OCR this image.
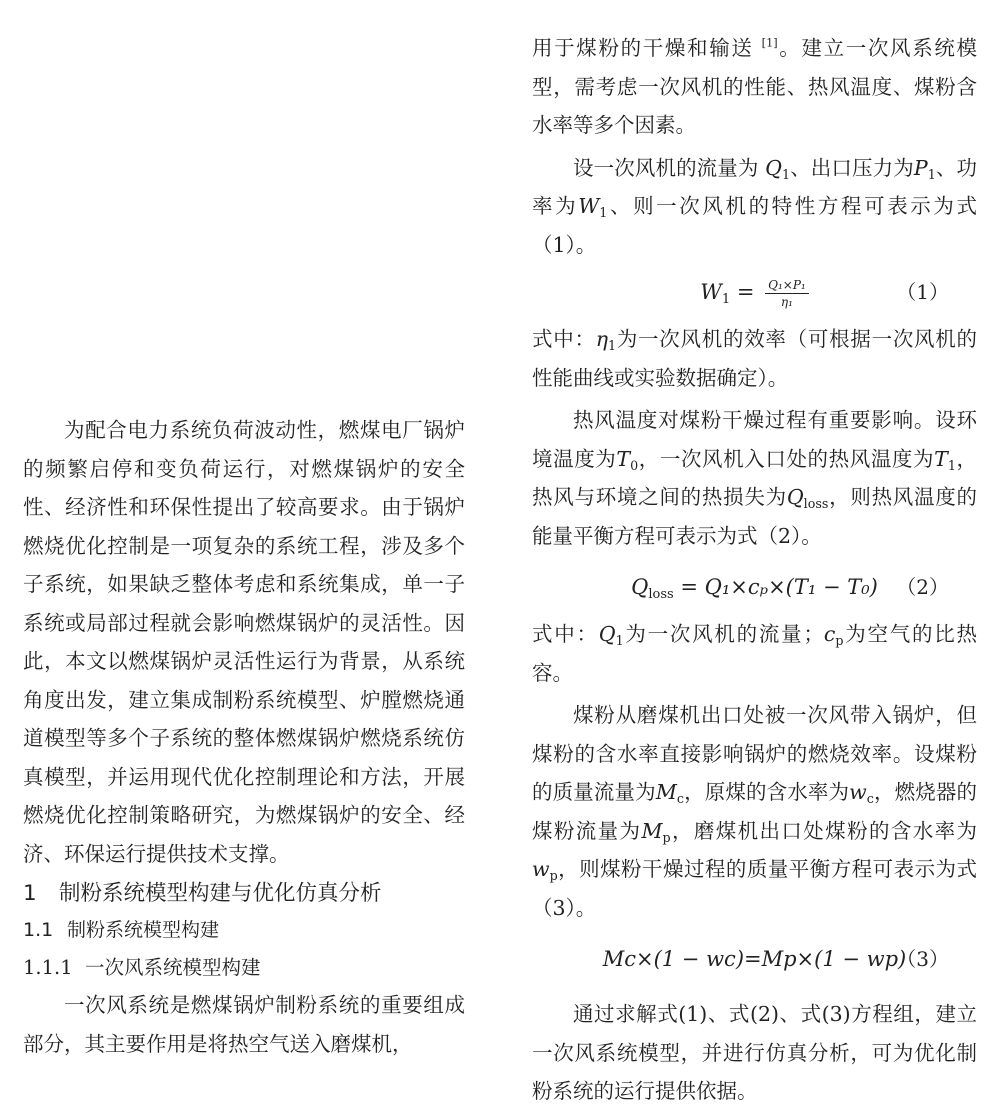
为配合电力系统负荷波动性，燃煤电厂锅炉的频繁启停和变负荷运行，对燃煤锅炉的安全性、经济性和环保性提出了较高要求。由于锅炉燃烧优化控制是一项复杂的系统工程，涉及多个子系统，如果缺乏整体考虑和系统集成，单一子系统或局部过程就会影响燃煤锅炉的灵活性。因此，本文以燃煤锅炉灵活性运行为背景，从系统角度出发，建立集成制粉系统模型、炉膛燃烧通道模型等多个子系统的整体燃煤锅炉燃烧系统仿真模型，并运用现代优化控制理论和方法，开展燃烧优化控制策略研究，为燃煤锅炉的安全、经济、环保运行提供技术支撑。

1 制粉系统模型构建与优化仿真分析
1.1 制粉系统模型构建
1.1.1 一次风系统模型构建

一次风系统是燃煤锅炉制粉系统的重要组成部分，其主要作用是将热空气送入磨煤机，

用于煤粉的干燥和输送 [1]。建立一次风系统模型，需考虑一次风机的性能、热风温度、煤粉含水率等多个因素。

设一次风机的流量为 $Q_1$、出口压力为$P_1$、功率为$W_1$、则一次风机的特性方程可表示为式（1）。

$W_1 = \frac{\text{Q₁×P₁}}{\text{η₁}}$	（1）

式中：$\eta_1$为一次风机的效率（可根据一次风机的性能曲线或实验数据确定）。

热风温度对煤粉干燥过程有重要影响。设环境温度为$T_0$，一次风机入口处的热风温度为$T_1$，热风与环境之间的热损失为$Q_{loss}$，则热风温度的能量平衡方程可表示为式（2）。

$Q_{loss} = Q_1\times c_p\times(T_1 - T_0)$ （2）

式中：$Q_1$为一次风机的流量；$c_p$为空气的比热容。

煤粉从磨煤机出口处被一次风带入锅炉，但煤粉的含水率直接影响锅炉的燃烧效率。设煤粉的质量流量为$M_c$，原煤的含水率为$w_c$，燃烧器的煤粉流量为$M_p$，磨煤机出口处煤粉的含水率为$w_p$，则煤粉干燥过程的质量平衡方程可表示为式（3）。

Mc×(1 − wc)=Mp×(1 − wp)
（3）

通过求解式(1)、式(2)、式(3)方程组，建立一次风系统模型，并进行仿真分析，可为优化制粉系统的运行提供依据。
